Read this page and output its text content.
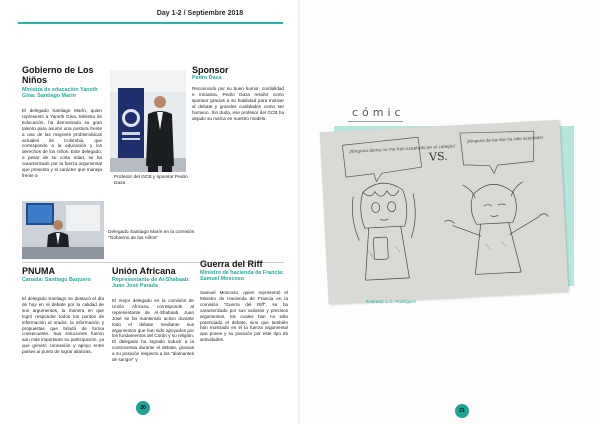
Day 1-2 / Septiembre 2018
Gobierno de Los Niños
Ministra de educación Yaneth Gina: Santiago Marín
El delegado Santiago Marín, quien representó a Yaneth Gina, Ministra de Educación, ha demostrado su gran talento para asumir una postura frente a una de las mayores problemáticas actuales de Colombia, que corresponde a la educación y los derechos de los niños. Este delegado, a pesar de su corta edad, se ha caracterizado por la fuerza argumental que presenta y el carácter que maneja frente a	Profesor del GCB y sponsor Pedro Daza
Sponsor
Pedro Daza
Reconocido por su buen humor, cordialidad e iniciativa, Pedro Daza resultó como sponsor gracias a su habilidad para motivar al debate y grandes cualidades como ser humano. Sin duda, ese profesor del GCB ha dejado su marca en nuestro modelo.
Delegado Santiago Marín en la comisión "Gobierno de los niños"
PNUMA
Canadá: Santiago Baquero
El delegado Santiago se destacó el día de hoy en el debate por la calidad de sus argumentos, la manera en que logró responder todos los puntos de información al orador, la información y propuestas que brindó de forma consecuente. Sus soluciones fueron aún más importante su participación, ya que generó connexión y apoyo entre países al punto de lograr alianzas.
Unión Africana
Representante de Al-Shabaab: Juan José Parada
El mejor delegado en la comisión de Unión Africana corresponde al representante de Al-Shabaab. Juan José se ha mantenido activo durante todo el debate mediante sus argumentos que han sido apoyados por los fundamentos del Corán y su religión. El delegado ha logrado inducir a la controversia durante el debate, gracias a su posición respecto a los "diamantes de sangre" y
Guerra del Riff
Ministro de hacienda de Francia: Samuel Moscoso
Samuel Moscoso, quien representó el Ministro de Hacienda de Francia en la comisión "Guerra del Riff", se ha caracterizado por sus valiosos y precisos argumentos, los cuales han no sólo potenciado el debate, sino que también han mostrado en él la fuerza argumental que posee y su posición por este tipo de actividades.
20
cómic
¡Ninguna dama no me han aceptado en el colegio!
VS.
¡Ninguna de las dos ha sido aceptada!
Ilustrado: L.C. Rodríguez
21
